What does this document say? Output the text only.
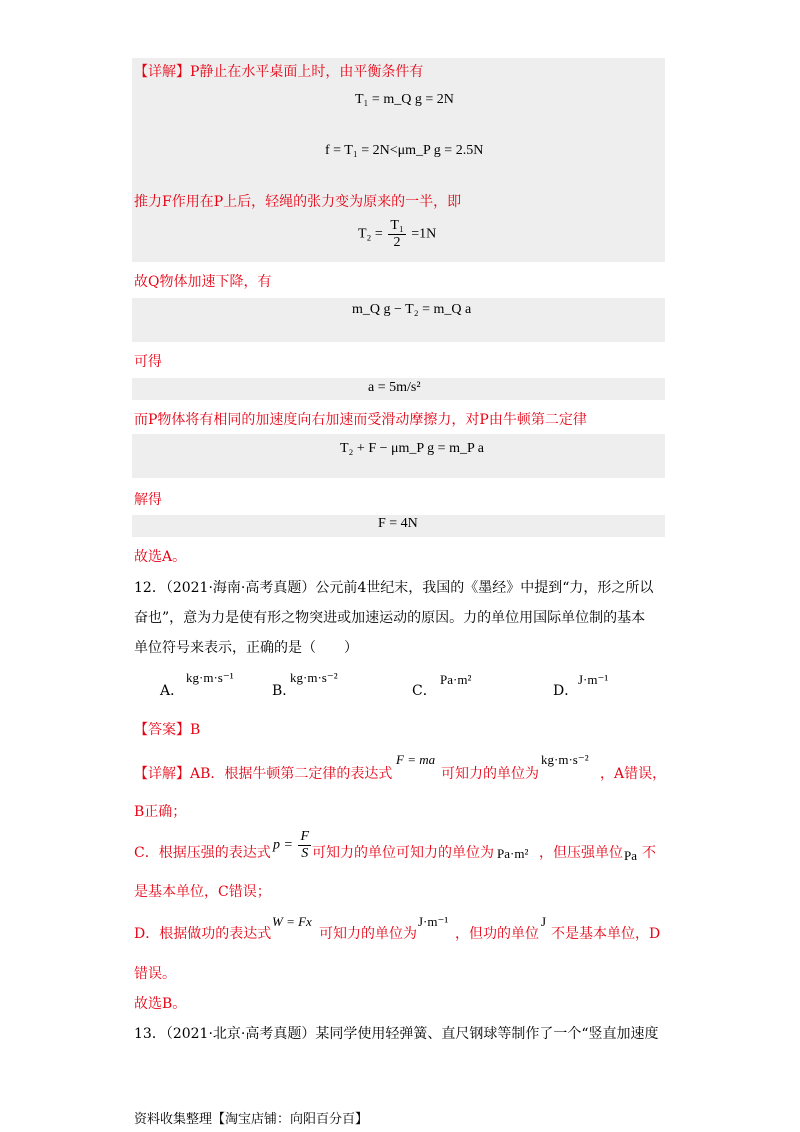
【详解】P静止在水平桌面上时，由平衡条件有
T₁ = m_Q g = 2N
f = T₁ = 2N<μm_P g = 2.5N
推力F作用在P上后，轻绳的张力变为原来的一半，即
$T_2 = \frac{\text{T₁}}{2} =1N$
故Q物体加速下降，有
m_Q g − T₂ = m_Q a
可得
a = 5m/s²
而P物体将有相同的加速度向右加速而受滑动摩擦力，对P由牛顿第二定律
T₂ + F − μm_P g = m_P a
解得
F = 4N
故选A。
12．（2021·海南·高考真题）公元前4世纪末，我国的《墨经》中提到“力，形之所以
奋也”，意为力是使有形之物突进或加速运动的原因。力的单位用国际单位制的基本
单位符号来表示，正确的是（　　）
A．
kg·m·s⁻¹
B．
kg·m·s⁻²
C．
Pa·m²
D．
J·m⁻¹
【答案】B
【详解】AB．根据牛顿第二定律的表达式
F = ma
可知力的单位为
kg·m·s⁻²
，A错误，
B正确；
C．根据压强的表达式 $p = \frac{F}{S}$ 可知力的单位可知力的单位为 Pa·m² ，但压强单位 Pa 不
是基本单位，C错误；
D．根据做功的表达式
W = Fx
可知力的单位为
J·m⁻¹
，但功的单位
J
不是基本单位，D
错误。
故选B。
13．（2021·北京·高考真题）某同学使用轻弹簧、直尺钢球等制作了一个“竖直加速度
资料收集整理【淘宝店铺：向阳百分百】
